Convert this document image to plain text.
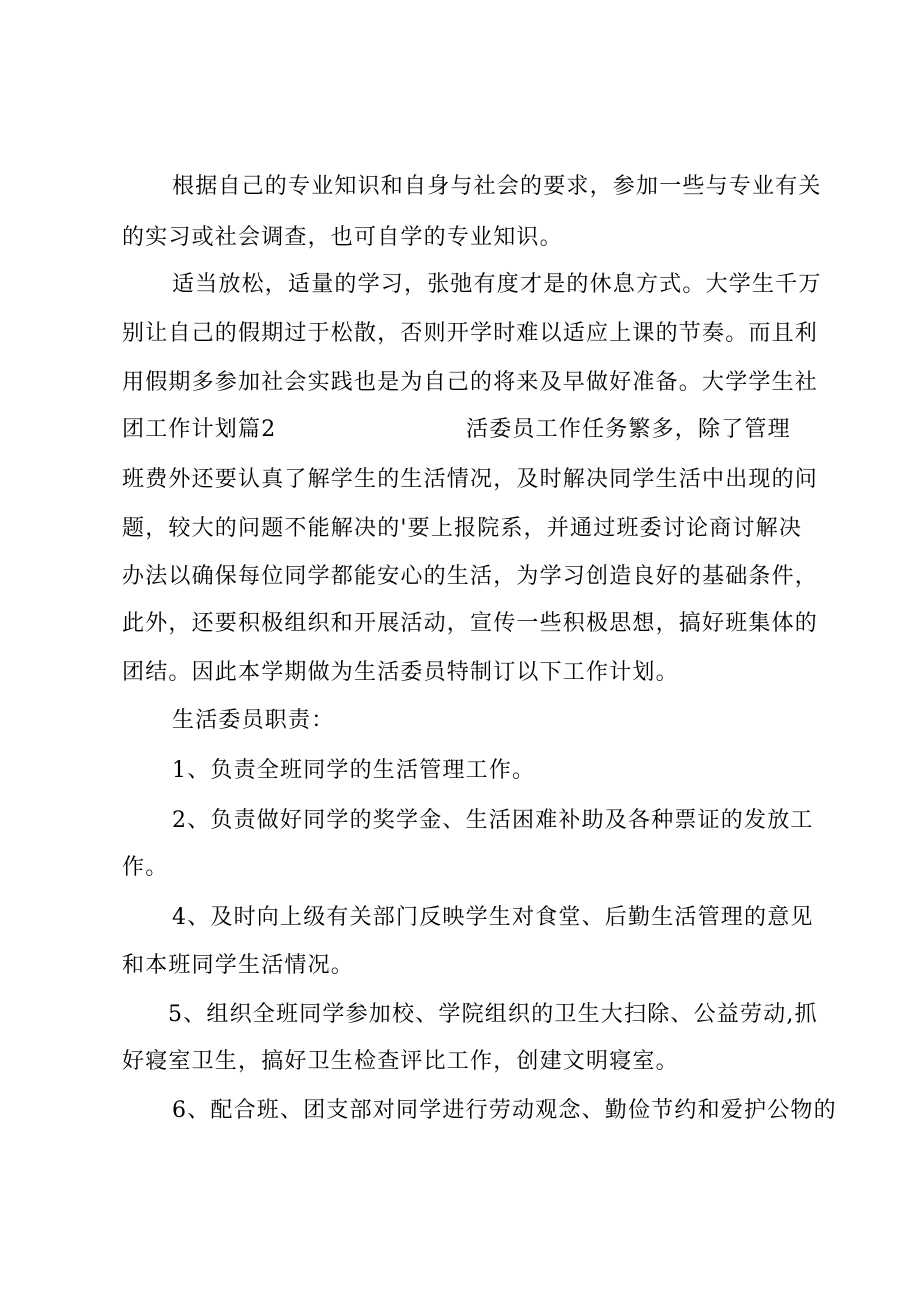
根据自己的专业知识和自身与社会的要求，参加一些与专业有关

的实习或社会调查，也可自学的专业知识。

适当放松，适量的学习，张弛有度才是的休息方式。大学生千万

别让自己的假期过于松散，否则开学时难以适应上课的节奏。而且利

用假期多参加社会实践也是为自己的将来及早做好准备。大学学生社

团工作计划篇2	活委员工作任务繁多，除了管理

班费外还要认真了解学生的生活情况，及时解决同学生活中出现的问

题，较大的问题不能解决的'要上报院系，并通过班委讨论商讨解决

办法以确保每位同学都能安心的生活，为学习创造良好的基础条件，

此外，还要积极组织和开展活动，宣传一些积极思想，搞好班集体的

团结。因此本学期做为生活委员特制订以下工作计划。

生活委员职责：

1、负责全班同学的生活管理工作。

2、负责做好同学的奖学金、生活困难补助及各种票证的发放工

作。

4、及时向上级有关部门反映学生对食堂、后勤生活管理的意见

和本班同学生活情况。

5、组织全班同学参加校、学院组织的卫生大扫除、公益劳动,抓

好寝室卫生，搞好卫生检查评比工作，创建文明寝室。

6、配合班、团支部对同学进行劳动观念、勤俭节约和爱护公物的
